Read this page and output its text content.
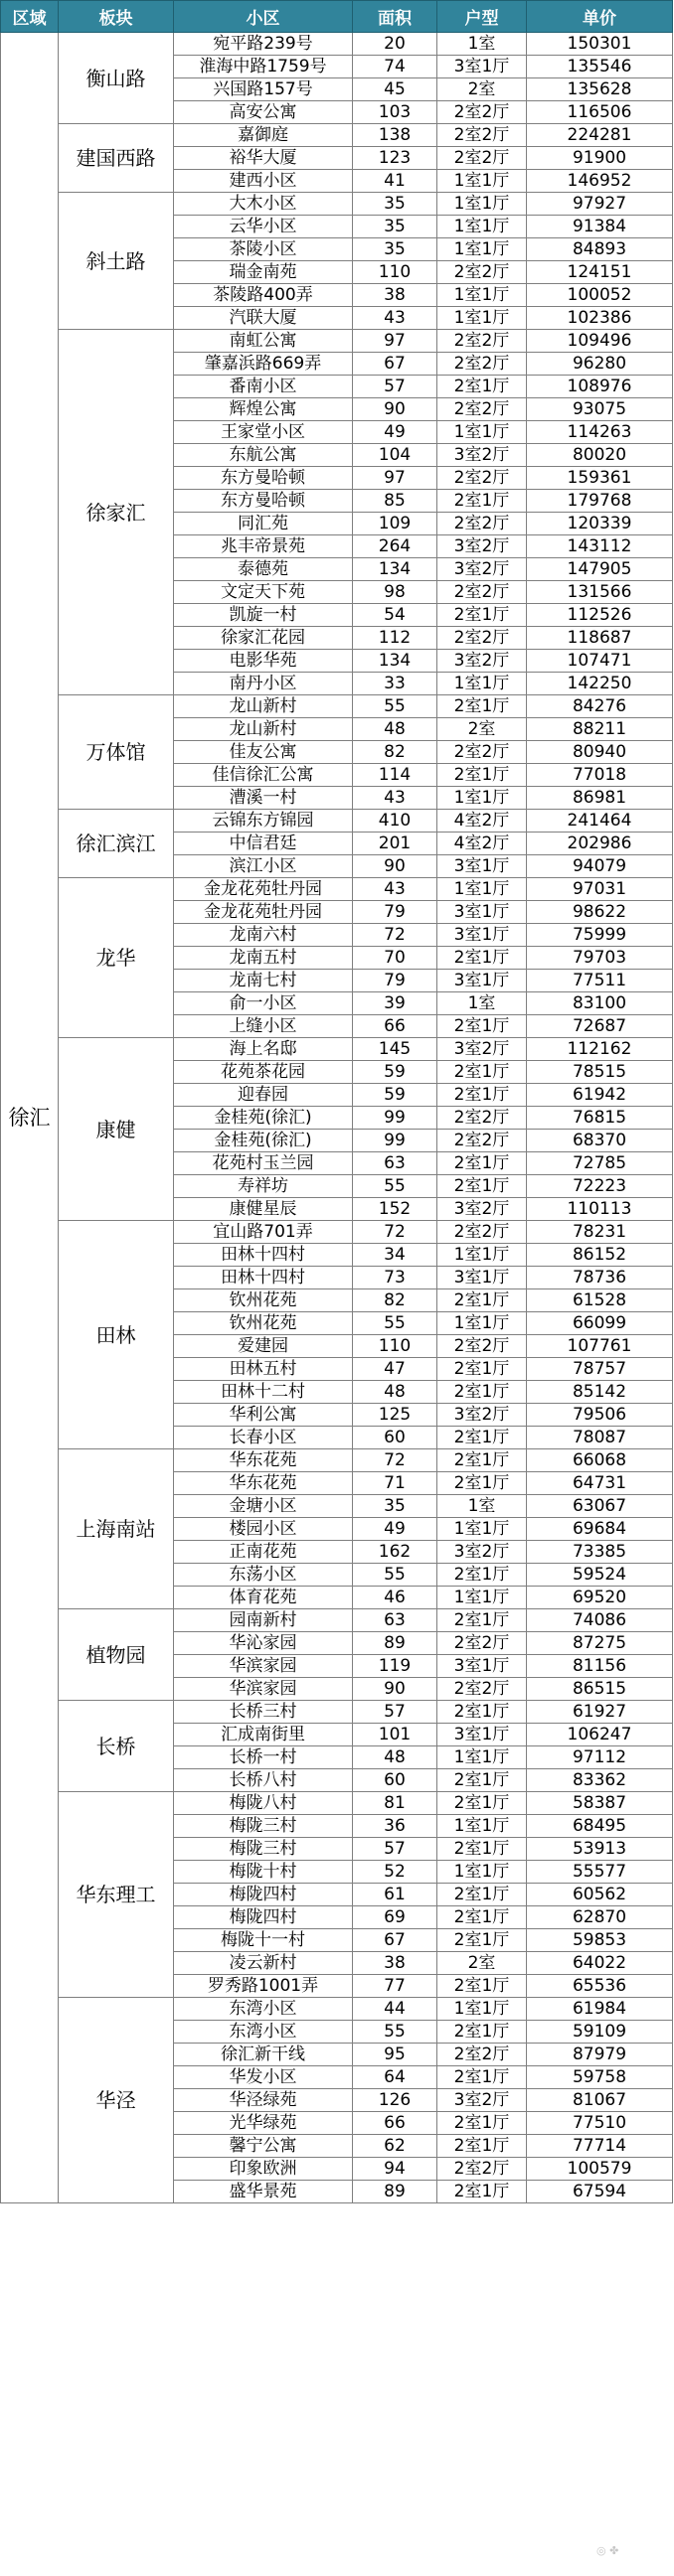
区域	板块	小区	面积	户型	单价
徐汇	衡山路	宛平路239号	20	1室	150301
		淮海中路1759号	74	3室1厅	135546
		兴国路157号	45	2室	135628
		高安公寓	103	2室2厅	116506
	建国西路	嘉御庭	138	2室2厅	224281
		裕华大厦	123	2室2厅	91900
		建西小区	41	1室1厅	146952
	斜土路	大木小区	35	1室1厅	97927
		云华小区	35	1室1厅	91384
		茶陵小区	35	1室1厅	84893
		瑞金南苑	110	2室2厅	124151
		茶陵路400弄	38	1室1厅	100052
		汽联大厦	43	1室1厅	102386
	徐家汇	南虹公寓	97	2室2厅	109496
		肇嘉浜路669弄	67	2室2厅	96280
		番南小区	57	2室1厅	108976
		辉煌公寓	90	2室2厅	93075
		王家堂小区	49	1室1厅	114263
		东航公寓	104	3室2厅	80020
		东方曼哈顿	97	2室2厅	159361
		东方曼哈顿	85	2室1厅	179768
		同汇苑	109	2室2厅	120339
		兆丰帝景苑	264	3室2厅	143112
		泰德苑	134	3室2厅	147905
		文定天下苑	98	2室2厅	131566
		凯旋一村	54	2室1厅	112526
		徐家汇花园	112	2室2厅	118687
		电影华苑	134	3室2厅	107471
		南丹小区	33	1室1厅	142250
	万体馆	龙山新村	55	2室1厅	84276
		龙山新村	48	2室	88211
		佳友公寓	82	2室2厅	80940
		佳信徐汇公寓	114	2室1厅	77018
		漕溪一村	43	1室1厅	86981
	徐汇滨江	云锦东方锦园	410	4室2厅	241464
		中信君廷	201	4室2厅	202986
		滨江小区	90	3室1厅	94079
	龙华	金龙花苑牡丹园	43	1室1厅	97031
		金龙花苑牡丹园	79	3室1厅	98622
		龙南六村	72	3室1厅	75999
		龙南五村	70	2室1厅	79703
		龙南七村	79	3室1厅	77511
		俞一小区	39	1室	83100
		上缝小区	66	2室1厅	72687
	康健	海上名邸	145	3室2厅	112162
		花苑茶花园	59	2室1厅	78515
		迎春园	59	2室1厅	61942
		金桂苑(徐汇)	99	2室2厅	76815
		金桂苑(徐汇)	99	2室2厅	68370
		花苑村玉兰园	63	2室1厅	72785
		寿祥坊	55	2室1厅	72223
		康健星辰	152	3室2厅	110113
	田林	宜山路701弄	72	2室2厅	78231
		田林十四村	34	1室1厅	86152
		田林十四村	73	3室1厅	78736
		钦州花苑	82	2室1厅	61528
		钦州花苑	55	1室1厅	66099
		爱建园	110	2室2厅	107761
		田林五村	47	2室1厅	78757
		田林十二村	48	2室1厅	85142
		华利公寓	125	3室2厅	79506
		长春小区	60	2室1厅	78087
	上海南站	华东花苑	72	2室1厅	66068
		华东花苑	71	2室1厅	64731
		金塘小区	35	1室	63067
		楼园小区	49	1室1厅	69684
		正南花苑	162	3室2厅	73385
		东荡小区	55	2室1厅	59524
		体育花苑	46	1室1厅	69520
	植物园	园南新村	63	2室1厅	74086
		华沁家园	89	2室2厅	87275
		华滨家园	119	3室1厅	81156
		华滨家园	90	2室2厅	86515
	长桥	长桥三村	57	2室1厅	61927
		汇成南街里	101	3室1厅	106247
		长桥一村	48	1室1厅	97112
		长桥八村	60	2室1厅	83362
	华东理工	梅陇八村	81	2室1厅	58387
		梅陇三村	36	1室1厅	68495
		梅陇三村	57	2室1厅	53913
		梅陇十村	52	1室1厅	55577
		梅陇四村	61	2室1厅	60562
		梅陇四村	69	2室1厅	62870
		梅陇十一村	67	2室1厅	59853
		凌云新村	38	2室	64022
		罗秀路1001弄	77	2室1厅	65536
	华泾	东湾小区	44	1室1厅	61984
		东湾小区	55	2室1厅	59109
		徐汇新干线	95	2室2厅	87979
		华发小区	64	2室1厅	59758
		华泾绿苑	126	3室2厅	81067
		光华绿苑	66	2室1厅	77510
		馨宁公寓	62	2室1厅	77714
		印象欧洲	94	2室2厅	100579
		盛华景苑	89	2室1厅	67594
◎ ✤
